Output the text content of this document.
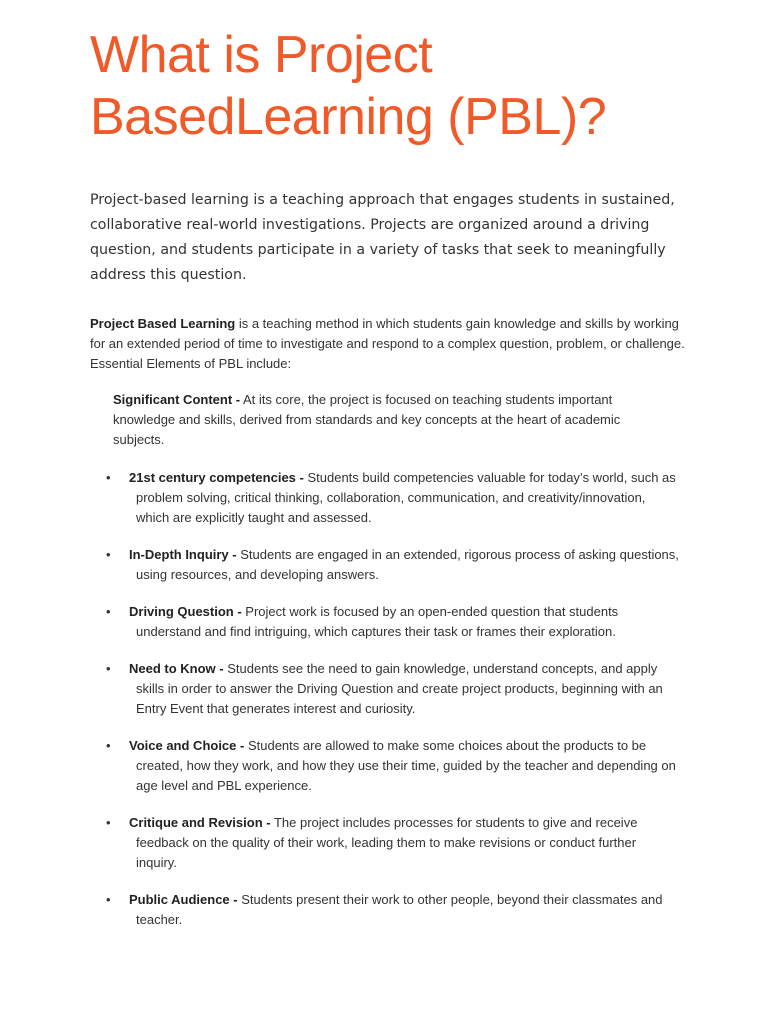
What is Project BasedLearning (PBL)?

Project-based learning is a teaching approach that engages students in sustained, collaborative real-world investigations. Projects are organized around a driving question, and students participate in a variety of tasks that seek to meaningfully address this question.

Project Based Learning is a teaching method in which students gain knowledge and skills by working for an extended period of time to investigate and respond to a complex question, problem, or challenge. Essential Elements of PBL include:

Significant Content - At its core, the project is focused on teaching students important knowledge and skills, derived from standards and key concepts at the heart of academic subjects.

• 21st century competencies - Students build competencies valuable for today’s world, such as problem solving, critical thinking, collaboration, communication, and creativity/innovation, which are explicitly taught and assessed.
• In-Depth Inquiry - Students are engaged in an extended, rigorous process of asking questions, using resources, and developing answers.
• Driving Question - Project work is focused by an open-ended question that students understand and find intriguing, which captures their task or frames their exploration.
• Need to Know - Students see the need to gain knowledge, understand concepts, and apply skills in order to answer the Driving Question and create project products, beginning with an Entry Event that generates interest and curiosity.
• Voice and Choice - Students are allowed to make some choices about the products to be created, how they work, and how they use their time, guided by the teacher and depending on age level and PBL experience.
• Critique and Revision - The project includes processes for students to give and receive feedback on the quality of their work, leading them to make revisions or conduct further inquiry.
• Public Audience - Students present their work to other people, beyond their classmates and teacher.
